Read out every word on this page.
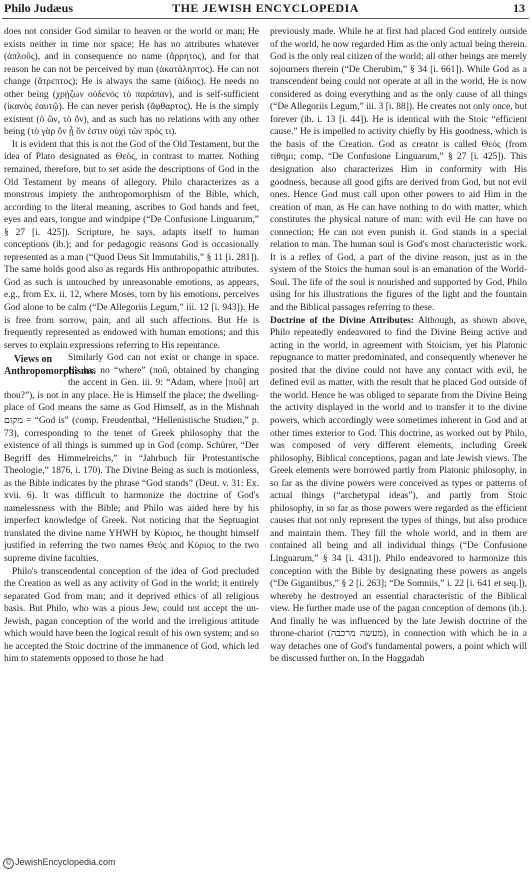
Philo Judæus	THE JEWISH ENCYCLOPEDIA	13

does not consider God similar to heaven or the world or man; He exists neither in time nor space; He has no attributes whatever (ἀπλοῦς), and in consequence no name (ἄρρητος), and for that reason he can not be perceived by man (ἀκατάληπτος). He can not change (ἄτρεπτος); He is always the same (ἀίδιος). He needs no other being (χρῄζων οὐδενὸς τὸ παράπαν), and is self-sufficient (ἱκανὸς ἑαυτῷ). He can never perish (ἄφθαρτος). He is the simply existent (ὁ ὢν, τὸ ὄν), and as such has no relations with any other being (τὸ γὰρ ὄν ᾗ ὄν ἐστιν οὐχὶ τῶν πρός τι).

It is evident that this is not the God of the Old Testament, but the idea of Plato designated as Θεός, in contrast to matter. Nothing remained, therefore, but to set aside the descriptions of God in the Old Testament by means of allegory. Philo characterizes as a monstrous impiety the anthropomorphism of the Bible, which, according to the literal meaning, ascribes to God hands and feet, eyes and ears, tongue and windpipe (“De Confusione Linguarum,” § 27 [i. 425]). Scripture, he says, adapts itself to human conceptions (ib.); and for pedagogic reasons God is occasionally represented as a man (“Quod Deus Sit Immutabilis,” § 11 [i. 281]). The same holds good also as regards His anthropopathic attributes. God as such is untouched by unreasonable emotions, as appears, e.g., from Ex. ii. 12, where Moses, torn by his emotions, perceives God alone to be calm (“De Allegoriis Legum,” iii. 12 [i. 943]). He is free from sorrow, pain, and all such affections. But He is frequently represented as endowed with human emotions; and this serves to explain expressions referring to His repentance.

Views on Anthropomorphisms.

Similarly God can not exist or change in space. He has no “where” (ποῦ, obtained by changing the accent in Gen. iii. 9: “Adam, where [ποῦ] art thou?”), is not in any place. He is Himself the place; the dwelling-place of God means the same as God Himself, as in the Mishnah מקום = “God is” (comp. Freudenthal, “Hellenistische Studien,” p. 73), corresponding to the tenet of Greek philosophy that the existence of all things is summed up in God (comp. Schürer, “Der Begriff des Himmelreichs,” in “Jahrbuch für Protestantische Theologie,” 1876, i. 170). The Divine Being as such is motionless, as the Bible indicates by the phrase “God stands” (Deut. v. 31: Ex. xvii. 6). It was difficult to harmonize the doctrine of God's namelessness with the Bible; and Philo was aided here by his imperfect knowledge of Greek. Not noticing that the Septuagint translated the divine name YHWH by Κύριος, he thought himself justified in referring the two names Θεός and Κύριος to the two supreme divine faculties.

Philo's transcendental conception of the idea of God precluded the Creation as well as any activity of God in the world; it entirely separated God from man; and it deprived ethics of all religious basis. But Philo, who was a pious Jew, could not accept the un-Jewish, pagan conception of the world and the irreligious attitude which would have been the logical result of his own system; and so he accepted the Stoic doctrine of the immanence of God, which led him to statements opposed to those he had

previously made. While he at first had placed God entirely outside of the world, he now regarded Him as the only actual being therein. God is the only real citizen of the world; all other beings are merely sojourners therein (“De Cherubim,” § 34 [i. 661]). While God as a transcendent being could not operate at all in the world, He is now considered as doing everything and as the only cause of all things (“De Allegoriis Legum,” iii. 3 [i. 88]). He creates not only once, but forever (ib. i. 13 [i. 44]). He is identical with the Stoic “efficient cause.” He is impelled to activity chiefly by His goodness, which is the basis of the Creation. God as creator is called Θεός (from τίθημι; comp. “De Confusione Linguarum,” § 27 [i. 425]). This designation also characterizes Him in conformity with His goodness, because all good gifts are derived from God, but not evil ones. Hence God must call upon other powers to aid Him in the creation of man, as He can have nothing to do with matter, which constitutes the physical nature of man: with evil He can have no connection; He can not even punish it. God stands in a special relation to man. The human soul is God's most characteristic work. It is a reflex of God, a part of the divine reason, just as in the system of the Stoics the human soul is an emanation of the World-Soul. The life of the soul is nourished and supported by God, Philo using for his illustrations the figures of the light and the fountain and the Biblical passages referring to these.

Doctrine of the Divine Attributes: Although, as shown above, Philo repeatedly endeavored to find the Divine Being active and acting in the world, in agreement with Stoicism, yet his Platonic repugnance to matter predominated, and consequently whenever he posited that the divine could not have any contact with evil, he defined evil as matter, with the result that he placed God outside of the world. Hence he was obliged to separate from the Divine Being the activity displayed in the world and to transfer it to the divine powers, which accordingly were sometimes inherent in God and at other times exterior to God. This doctrine, as worked out by Philo, was composed of very different elements, including Greek philosophy, Biblical conceptions, pagan and late Jewish views. The Greek elements were borrowed partly from Platonic philosophy, in so far as the divine powers were conceived as types or patterns of actual things (“archetypal ideas”), and partly from Stoic philosophy, in so far as those powers were regarded as the efficient causes that not only represent the types of things, but also produce and maintain them. They fill the whole world, and in them are contained all being and all individual things (“De Confusione Linguarum,” § 34 [i. 431]). Philo endeavored to harmonize this conception with the Bible by designating these powers as angels (“De Gigantibus,” § 2 [i. 263]; “De Somniis,” i. 22 [i. 641 et seq.]), whereby he destroyed an essential characteristic of the Biblical view. He further made use of the pagan conception of demons (ib.). And finally he was influenced by the late Jewish doctrine of the throne-chariot (מעשה מרכבה), in connection with which he in a way detaches one of God's fundamental powers, a point which will be discussed further on. In the Haggadah

© JewishEncyclopedia.com
